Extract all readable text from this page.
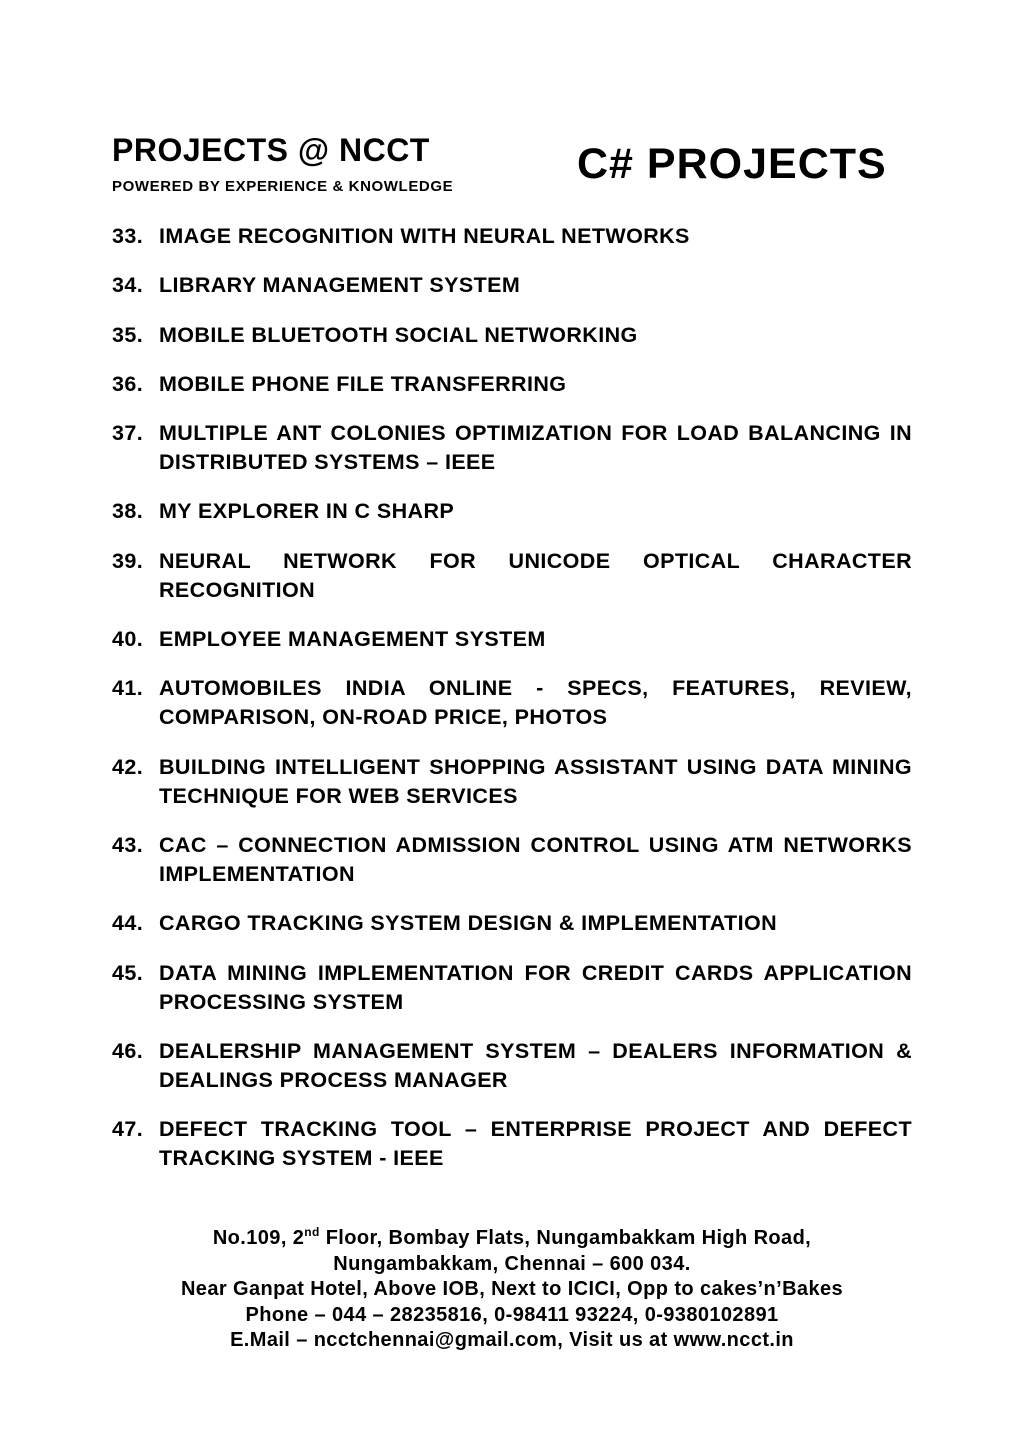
PROJECTS @ NCCT
POWERED BY EXPERIENCE & KNOWLEDGE	C# PROJECTS
33. IMAGE RECOGNITION WITH NEURAL NETWORKS
34. LIBRARY MANAGEMENT SYSTEM
35. MOBILE BLUETOOTH SOCIAL NETWORKING
36. MOBILE PHONE FILE TRANSFERRING
37. MULTIPLE ANT COLONIES OPTIMIZATION FOR LOAD BALANCING IN DISTRIBUTED SYSTEMS – IEEE
38. MY EXPLORER IN C SHARP
39. NEURAL NETWORK FOR UNICODE OPTICAL CHARACTER RECOGNITION
40. EMPLOYEE MANAGEMENT SYSTEM
41. AUTOMOBILES INDIA ONLINE - SPECS, FEATURES, REVIEW, COMPARISON, ON-ROAD PRICE, PHOTOS
42. BUILDING INTELLIGENT SHOPPING ASSISTANT USING DATA MINING TECHNIQUE FOR WEB SERVICES
43. CAC – CONNECTION ADMISSION CONTROL USING ATM NETWORKS IMPLEMENTATION
44. CARGO TRACKING SYSTEM DESIGN & IMPLEMENTATION
45. DATA MINING IMPLEMENTATION FOR CREDIT CARDS APPLICATION PROCESSING SYSTEM
46. DEALERSHIP MANAGEMENT SYSTEM – DEALERS INFORMATION & DEALINGS PROCESS MANAGER
47. DEFECT TRACKING TOOL – ENTERPRISE PROJECT AND DEFECT TRACKING SYSTEM - IEEE
No.109, 2nd Floor, Bombay Flats, Nungambakkam High Road,
Nungambakkam, Chennai – 600 034.
Near Ganpat Hotel, Above IOB, Next to ICICI, Opp to cakes’n’Bakes
Phone – 044 – 28235816, 0-98411 93224, 0-9380102891
E.Mail – ncctchennai@gmail.com, Visit us at www.ncct.in
